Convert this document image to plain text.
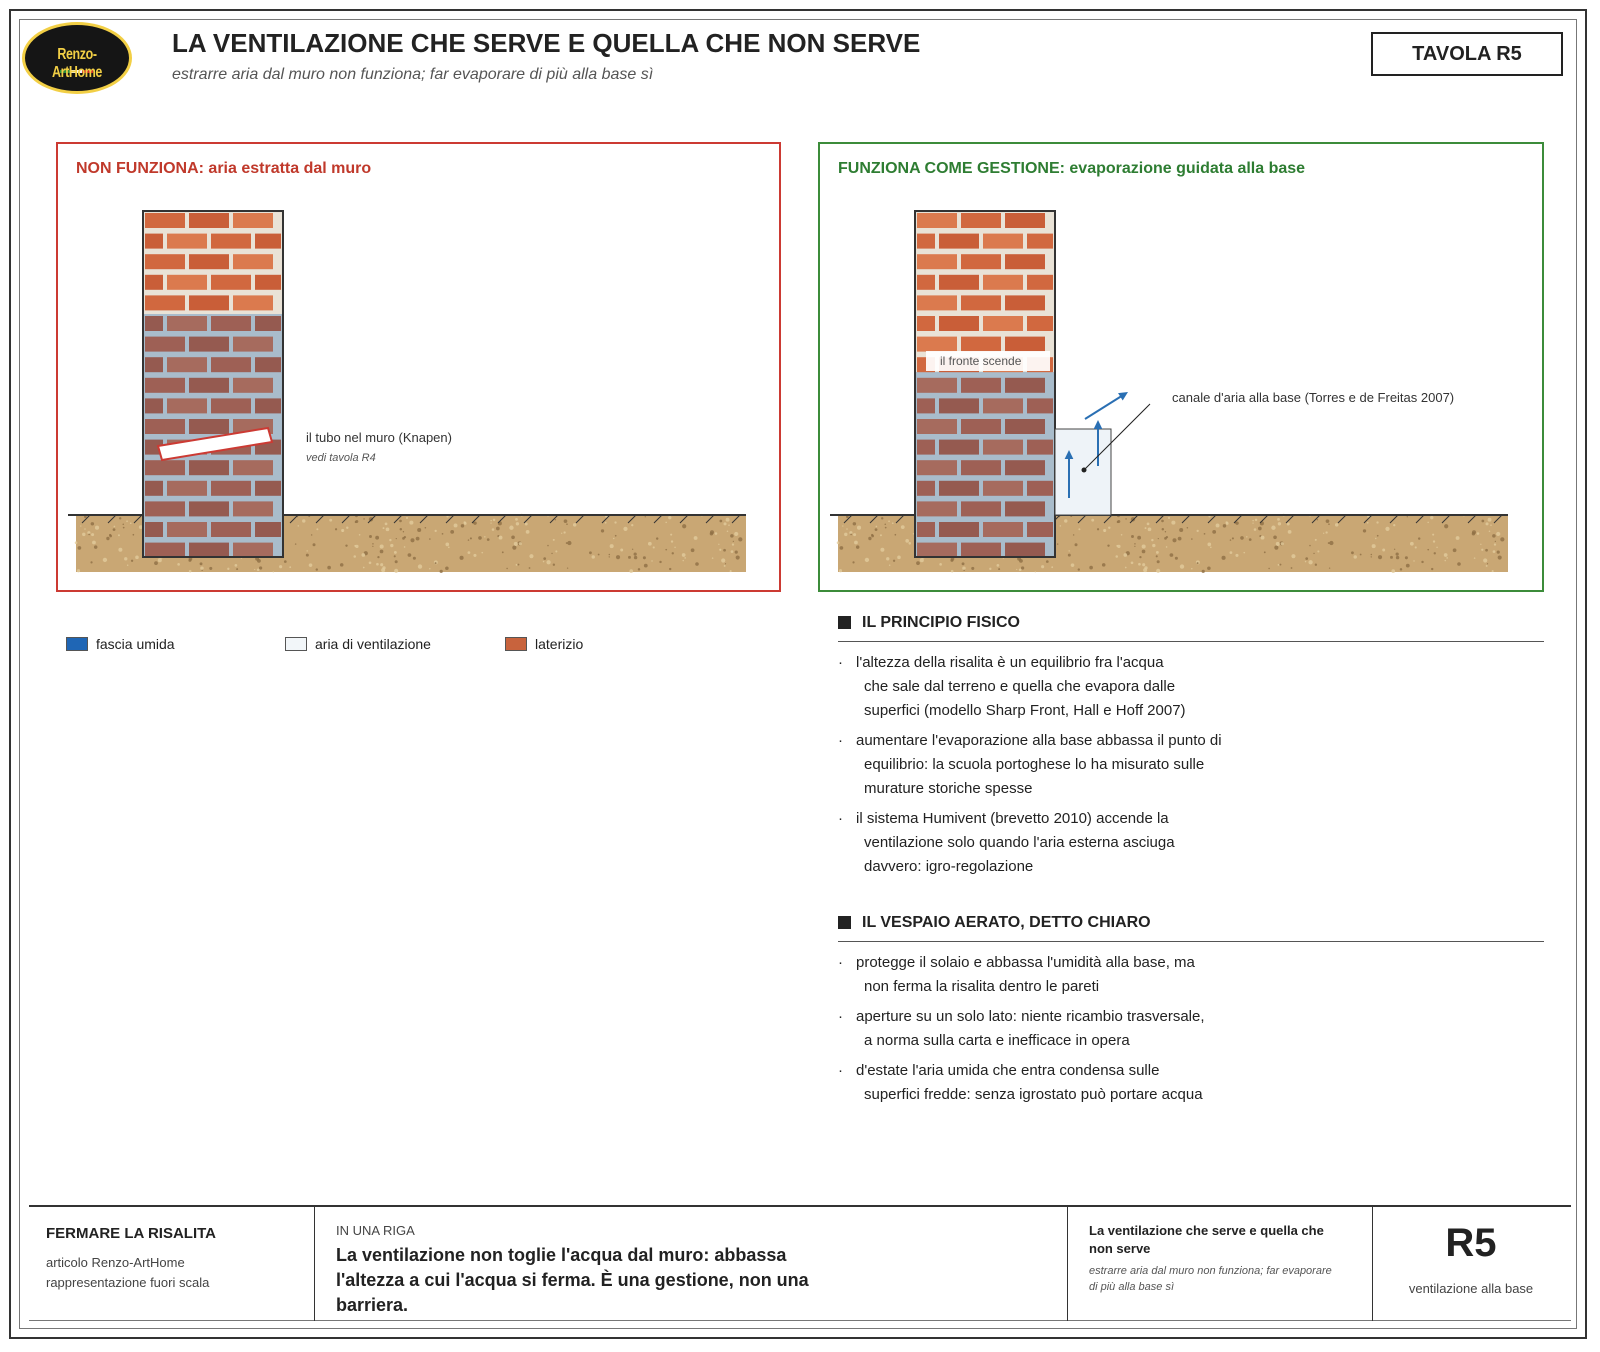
Renzo-ArtHome
LA VENTILAZIONE CHE SERVE E QUELLA CHE NON SERVE
estrarre aria dal muro non funziona; far evaporare di più alla base sì
TAVOLA R5
NON FUNZIONA: aria estratta dal muro
il tubo nel muro (Knapen)
vedi tavola R4
FUNZIONA COME GESTIONE: evaporazione guidata alla base
il fronte scende
canale d'aria alla base (Torres e de Freitas 2007)
fascia umida	aria di ventilazione	laterizio
IL PRINCIPIO FISICO
· l'altezza della risalita è un equilibrio fra l'acqua
che sale dal terreno e quella che evapora dalle
superfici (modello Sharp Front, Hall e Hoff 2007)
· aumentare l'evaporazione alla base abbassa il punto di
equilibrio: la scuola portoghese lo ha misurato sulle
murature storiche spesse
· il sistema Humivent (brevetto 2010) accende la
ventilazione solo quando l'aria esterna asciuga
davvero: igro-regolazione
IL VESPAIO AERATO, DETTO CHIARO
· protegge il solaio e abbassa l'umidità alla base, ma
non ferma la risalita dentro le pareti
· aperture su un solo lato: niente ricambio trasversale,
a norma sulla carta e inefficace in opera
· d'estate l'aria umida che entra condensa sulle
superfici fredde: senza igrostato può portare acqua
FERMARE LA RISALITA
articolo Renzo-ArtHome
rappresentazione fuori scala
IN UNA RIGA
La ventilazione non toglie l'acqua dal muro: abbassa l'altezza a cui l'acqua si ferma. È una gestione, non una barriera.
La ventilazione che serve e quella che non serve
estrarre aria dal muro non funziona; far evaporare di più alla base sì
R5
ventilazione alla base
